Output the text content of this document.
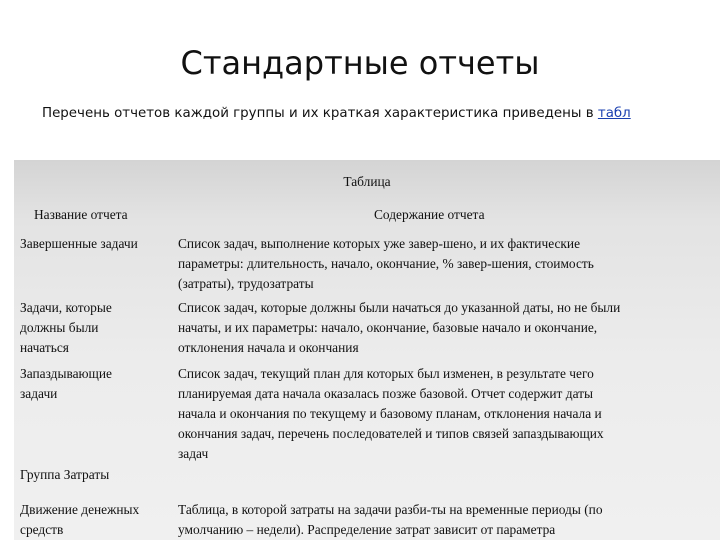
Стандартные отчеты
Перечень отчетов каждой группы и их краткая характеристика приведены в табл
Таблица
Название отчета	Содержание отчета
Завершенные задачи	Список задач, выполнение которых уже завер-шено, и их фактические
параметры: длительность, начало, окончание, % завер-шения, стоимость
(затраты), трудозатраты
Задачи, которые
должны были
начаться
Список задач, которые должны были начаться до указанной даты, но не были
начаты, и их параметры: начало, окончание, базовые начало и окончание,
отклонения начала и окончания
Запаздывающие
задачи
Список задач, текущий план для которых был изменен, в результате чего
планируемая дата начала оказалась позже базовой. Отчет содержит даты
начала и окончания по текущему и базовому планам, отклонения начала и
окончания задач, перечень последователей и типов связей запаздывающих
задач
Группа Затраты
Движение денежных
средств
Таблица, в которой затраты на задачи разби-ты на временные периоды (по
умолчанию – недели). Распределение затрат зависит от параметра
